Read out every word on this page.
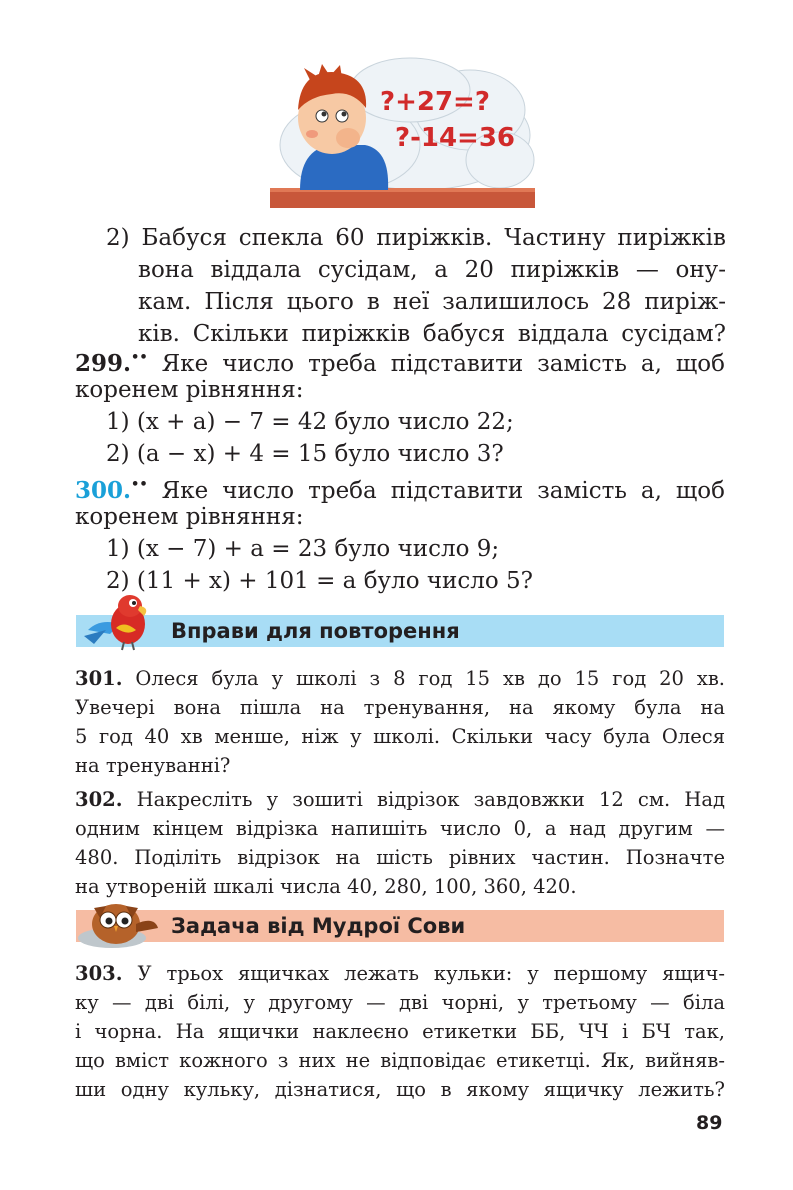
?+27=?
?-14=36

2) Бабуся спекла 60 пиріжків. Частину пиріжків

вона віддала сусідам, а 20 пиріжків — ону-

кам. Після цього в неї залишилось 28 пиріж-

ків. Скільки пиріжків бабуся віддала сусідам?

299.•• Яке число треба підставити замість a, щоб

коренем рівняння:

1) (x + a) − 7 = 42 було число 22;

2) (a − x) + 4 = 15 було число 3?

300.•• Яке число треба підставити замість a, щоб

коренем рівняння:

1) (x − 7) + a = 23 було число 9;

2) (11 + x) + 101 = a було число 5?

Вправи для повторення

301. Олеся була у школі з 8 год 15 хв до 15 год 20 хв.

Увечері вона пішла на тренування, на якому була на

5 год 40 хв менше, ніж у школі. Скільки часу була Олеся

на тренуванні?

302. Накресліть у зошиті відрізок завдовжки 12 см. Над

одним кінцем відрізка напишіть число 0, а над другим —

480. Поділіть відрізок на шість рівних частин. Позначте

на утвореній шкалі числа 40, 280, 100, 360, 420.

Задача від Мудрої Сови

303. У трьох ящичках лежать кульки: у першому ящич-

ку — дві білі, у другому — дві чорні, у третьому — біла

і чорна. На ящички наклеєно етикетки ББ, ЧЧ і БЧ так,

що вміст кожного з них не відповідає етикетці. Як, вийняв-

ши одну кульку, дізнатися, що в якому ящичку лежить?

89
